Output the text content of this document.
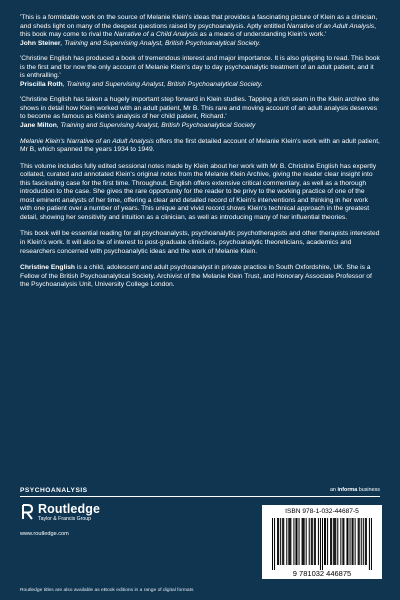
'This is a formidable work on the source of Melanie Klein's ideas that provides a fascinating picture of Klein as a clinician, and sheds light on many of the deepest questions raised by psychoanalysis. Aptly entitled Narrative of an Adult Analysis, this book may come to rival the Narrative of a Child Analysis as a means of understanding Klein's work.'
John Steiner, Training and Supervising Analyst, British Psychoanalytical Society.
'Christine English has produced a book of tremendous interest and major importance. It is also gripping to read. This book is the first and for now the only account of Melanie Klein's day to day psychoanalytic treatment of an adult patient, and it is enthralling.'
Priscilla Roth, Training and Supervising Analyst, British Psychoanalytical Society.
'Christine English has taken a hugely important step forward in Klein studies. Tapping a rich seam in the Klein archive she shows in detail how Klein worked with an adult patient, Mr B. This rare and moving account of an adult analysis deserves to become as famous as Klein's analysis of her child patient, Richard.'
Jane Milton, Training and Supervising Analyst, British Psychoanalytical Society

Melanie Klein's Narrative of an Adult Analysis offers the first detailed account of Melanie Klein's work with an adult patient, Mr B, which spanned the years 1934 to 1949.

This volume includes fully edited sessional notes made by Klein about her work with Mr B. Christine English has expertly collated, curated and annotated Klein's original notes from the Melanie Klein Archive, giving the reader clear insight into this fascinating case for the first time. Throughout, English offers extensive critical commentary, as well as a thorough introduction to the case. She gives the rare opportunity for the reader to be privy to the working practice of one of the most eminent analysts of her time, offering a clear and detailed record of Klein's interventions and thinking in her work with one patient over a number of years. This unique and vivid record shows Klein's technical approach in the greatest detail, showing her sensitivity and intuition as a clinician, as well as introducing many of her influential theories.

This book will be essential reading for all psychoanalysts, psychoanalytic psychotherapists and other therapists interested in Klein's work. It will also be of interest to post-graduate clinicians, psychoanalytic theoreticians, academics and researchers concerned with psychoanalytic ideas and the work of Melanie Klein.

Christine English is a child, adolescent and adult psychoanalyst in private practice in South Oxfordshire, UK. She is a Fellow of the British Psychoanalytical Society, Archivist of the Melanie Klein Trust, and Honorary Associate Professor of the Psychoanalysis Unit, University College London.

PSYCHOANALYSIS	an informa business
Routledge
Taylor & Francis Group
www.routledge.com
Routledge titles are also available as eBook editions in a range of digital formats
ISBN 978-1-032-44687-5
9 781032 446875
